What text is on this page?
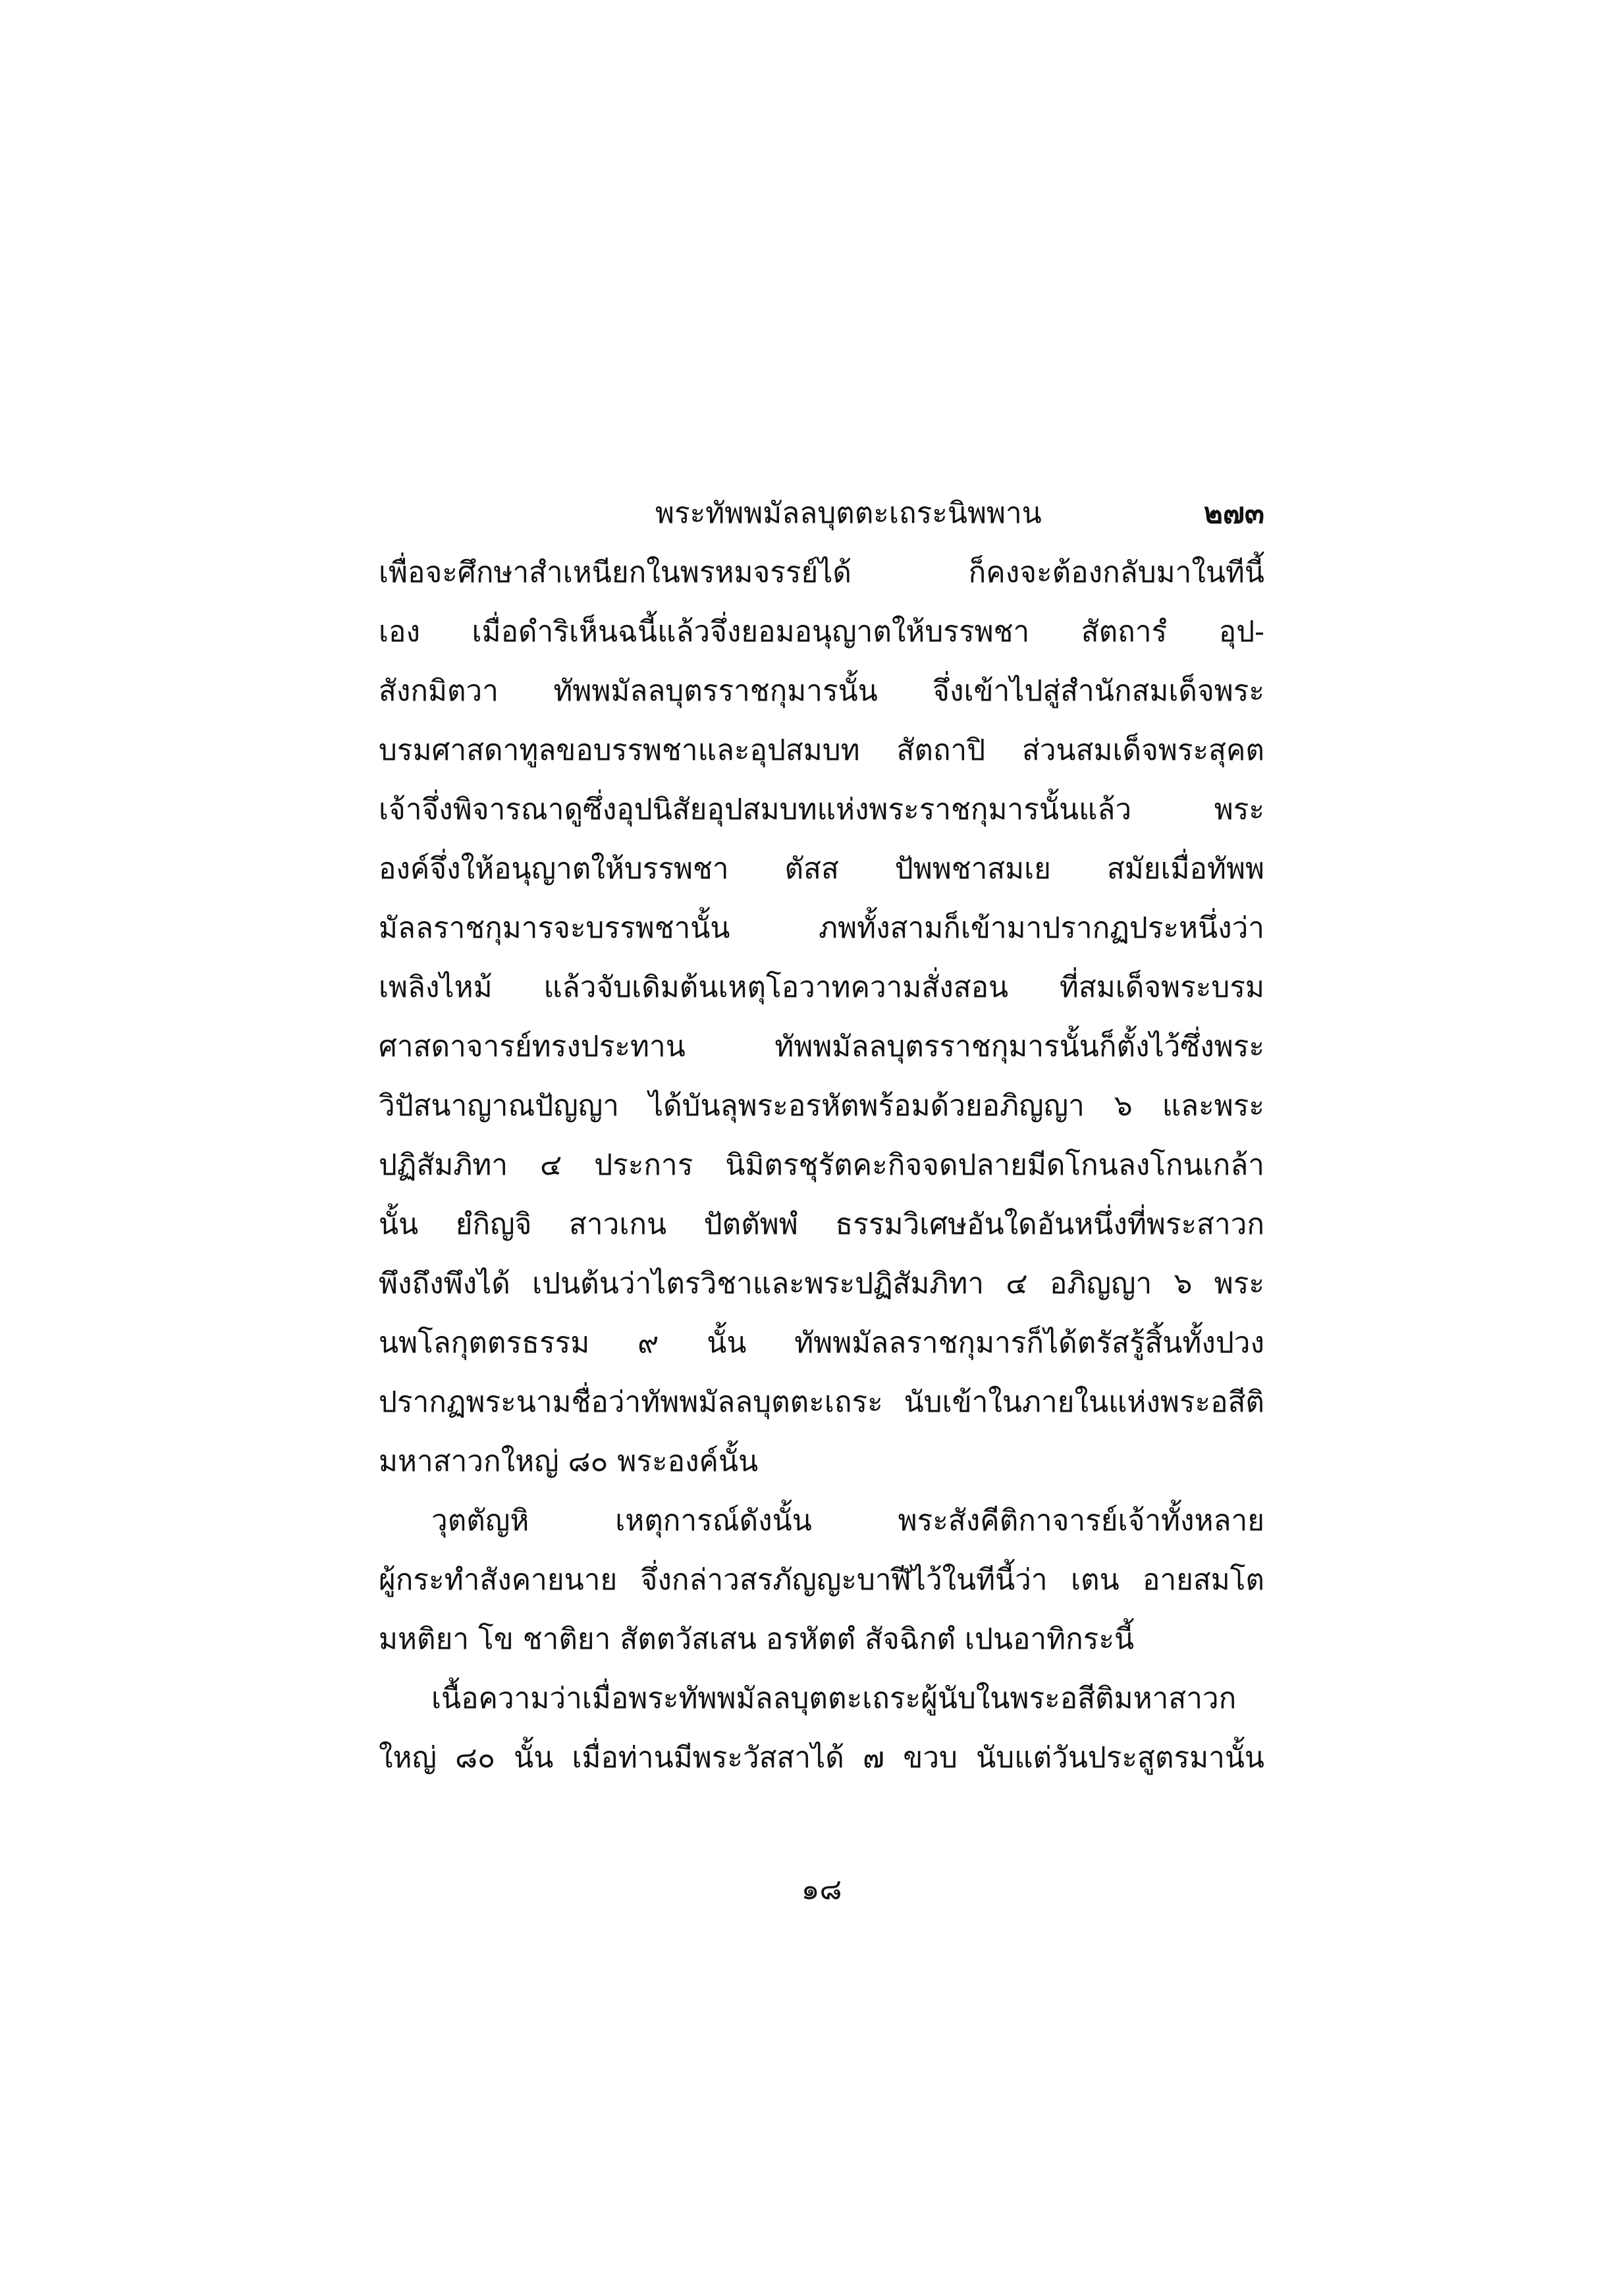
พระทัพพมัลลบุตตะเถระนิพพาน	๒๗๓
เพื่อจะศึกษาสำเหนียกในพรหมจรรย์ได้ ก็คงจะต้องกลับมาในทีนี้
เอง เมื่อดำริเห็นฉนี้แล้วจึ่งยอมอนุญาตให้บรรพชา สัตถารํ อุป-
สังกมิตวา ทัพพมัลลบุตรราชกุมารนั้น จึ่งเข้าไปสู่สำนักสมเด็จพระ
บรมศาสดาทูลขอบรรพชาและอุปสมบท สัตถาปิ ส่วนสมเด็จพระสุคต
เจ้าจึ่งพิจารณาดูซึ่งอุปนิสัยอุปสมบทแห่งพระราชกุมารนั้นแล้ว พระ
องค์จึ่งให้อนุญาตให้บรรพชา ตัสส ปัพพชาสมเย สมัยเมื่อทัพพ
มัลลราชกุมารจะบรรพชานั้น ภพทั้งสามก็เข้ามาปรากฏประหนึ่งว่า
เพลิงไหม้ แล้วจับเดิมต้นเหตุโอวาทความสั่งสอน ที่สมเด็จพระบรม
ศาสดาจารย์ทรงประทาน ทัพพมัลลบุตรราชกุมารนั้นก็ตั้งไว้ซึ่งพระ
วิปัสนาญาณปัญญา ได้บันลุพระอรหัตพร้อมด้วยอภิญญา ๖ และพระ
ปฏิสัมภิทา ๔ ประการ นิมิตรชุรัตคะกิจจดปลายมีดโกนลงโกนเกล้า
นั้น ยํกิญจิ สาวเกน ปัตตัพพํ ธรรมวิเศษอันใดอันหนึ่งที่พระสาวก
พึงถึงพึงได้ เปนต้นว่าไตรวิชาและพระปฏิสัมภิทา ๔ อภิญญา ๖ พระ
นพโลกุตตรธรรม ๙ นั้น ทัพพมัลลราชกุมารก็ได้ตรัสรู้สิ้นทั้งปวง
ปรากฏพระนามชื่อว่าทัพพมัลลบุตตะเถระ นับเข้าในภายในแห่งพระอสีติ
มหาสาวกใหญ่ ๘๐ พระองค์นั้น
วุตตัญหิ เหตุการณ์ดังนั้น พระสังคีติกาจารย์เจ้าทั้งหลาย
ผู้กระทำสังคายนาย จึ่งกล่าวสรภัญญะบาฬีไว้ในทีนี้ว่า เตน อายสมโต
มหติยา โข ชาติยา สัตตวัสเสน อรหัตตํ สัจฉิกตํ เปนอาทิกระนี้
เนื้อความว่าเมื่อพระทัพพมัลลบุตตะเถระผู้นับในพระอสีติมหาสาวก
ใหญ่ ๘๐ นั้น เมื่อท่านมีพระวัสสาได้ ๗ ขวบ นับแต่วันประสูตรมานั้น
๑๘
